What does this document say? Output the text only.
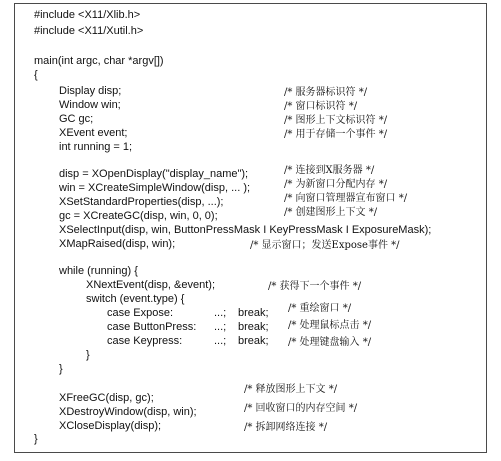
#include <X11/Xlib.h>
#include <X11/Xutil.h>
main(int argc, char *argv[])
{
Display disp;	/* 服务器标识符 */
Window win;	/* 窗口标识符 */
GC gc;	/* 图形上下文标识符 */
XEvent event;	/* 用于存储一个事件 */
int running = 1;
disp = XOpenDisplay("display_name");	/* 连接到X服务器 */
win = XCreateSimpleWindow(disp, ... );	/* 为新窗口分配内存 */
XSetStandardProperties(disp, ...);	/* 向窗口管理器宣布窗口 */
gc = XCreateGC(disp, win, 0, 0);	/* 创建图形上下文 */
XSelectInput(disp, win, ButtonPressMask I KeyPressMask I ExposureMask);
XMapRaised(disp, win);	/* 显示窗口；发送Expose事件 */
while (running) {
XNextEvent(disp, &event);	/* 获得下一个事件 */
switch (event.type) {
case Expose:	...; break; /* 重绘窗口 */
case ButtonPress: ...; break; /* 处理鼠标点击 */
case Keypress:	...; break; /* 处理键盘输入 */
}
}
XFreeGC(disp, gc);
/* 释放图形上下文 */
XDestroyWindow(disp, win);	/* 回收窗口的内存空间 */
XCloseDisplay(disp);	/* 拆卸网络连接 */
}
